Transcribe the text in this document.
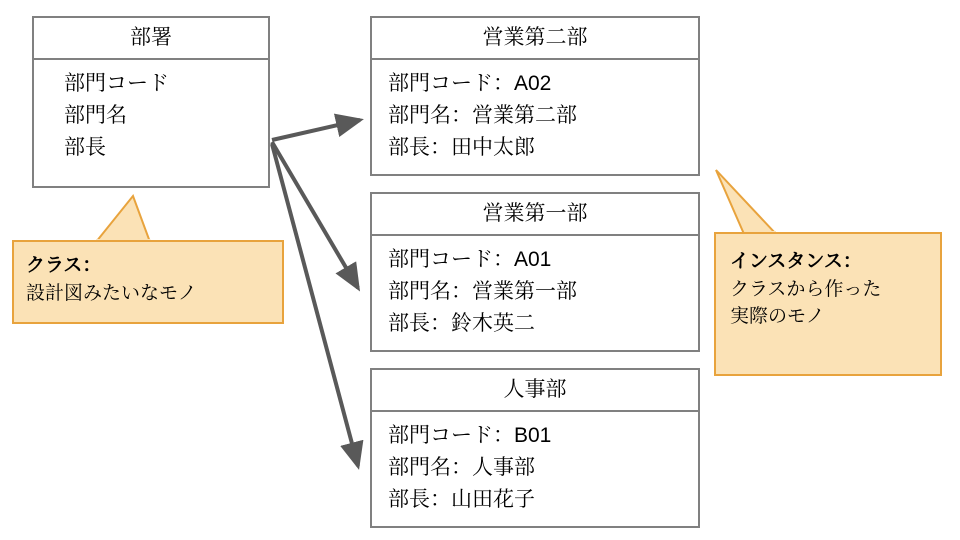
部署
部門コード
部門名
部長
営業第二部
部門コード：A02
部門名：営業第二部
部長：田中太郎
営業第一部
部門コード：A01
部門名：営業第一部
部長：鈴木英二
人事部
部門コード：B01
部門名：人事部
部長：山田花子
クラス：
設計図みたいなモノ
インスタンス：
クラスから作った
実際のモノ
